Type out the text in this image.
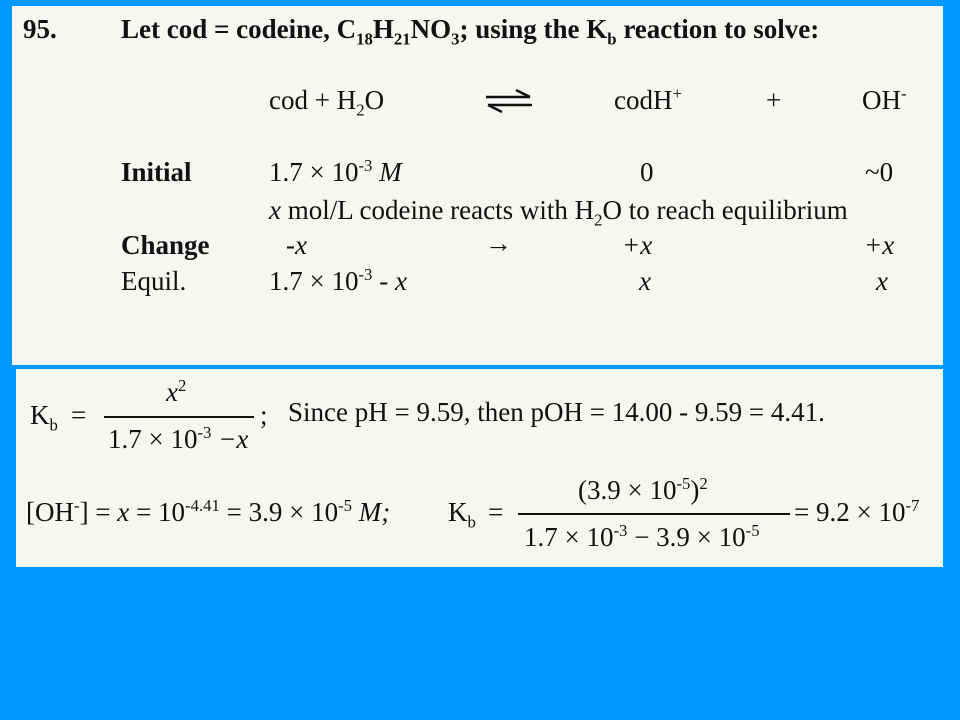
95. Let cod = codeine, $C_{18}H_{21}NO_3$; using the $K_b$ reaction to solve:
cod + $H_2O$	codH+	+	OH-
Initial	$1.7 \times 10^{-3}$ M	0	~0
x mol/L codeine reacts with $H_2O$ to reach equilibrium
Change	-x	→	+x	+x
Equil.	$1.7 \times 10^{-3} - x$	x	x
$K_b$ =
$x^2$
$1.7 \times 10^{-3} -x$
; Since pH = 9.59, then pOH = 14.00 - 9.59 = 4.41.
$[OH^-] = x = 10^{-4.41} = 3.9 \times 10^{-5}$ M; $K_b$ =
$(3.9 \times 10^{-5})^2$
$1.7 \times 10^{-3} - 3.9 \times 10^{-5}$
= $9.2 \times 10^{-7}$
